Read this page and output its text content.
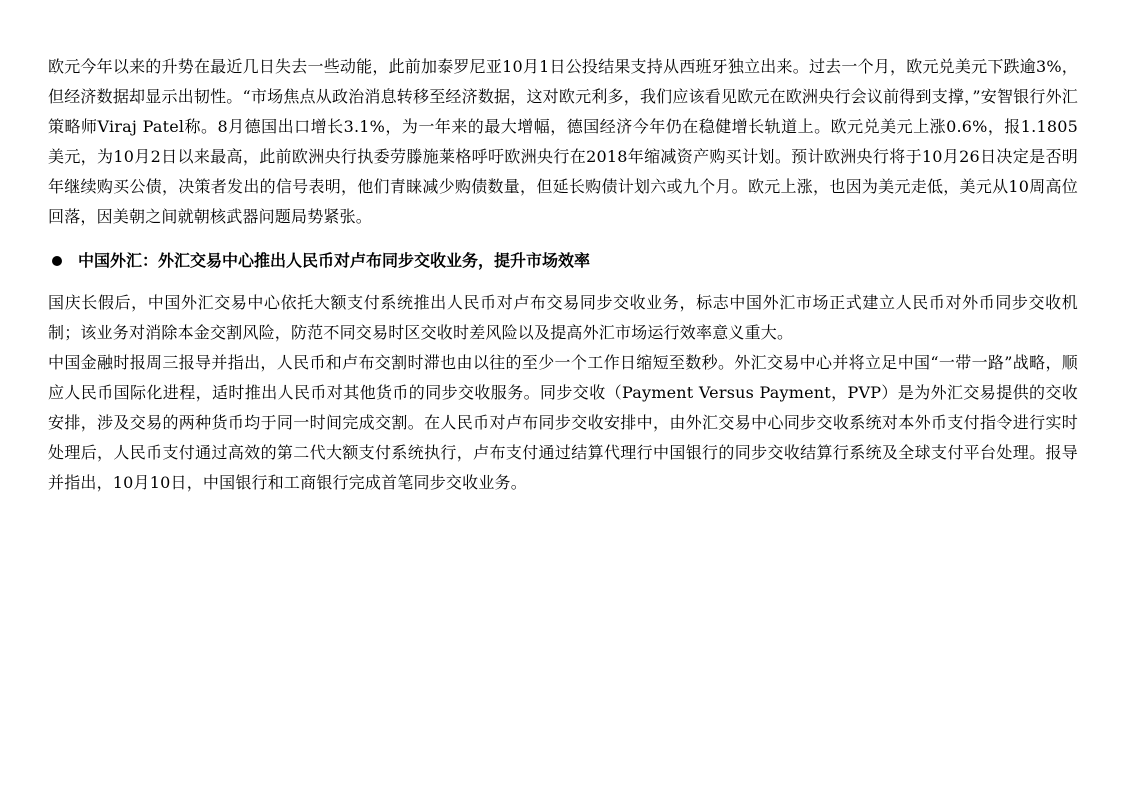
欧元今年以来的升势在最近几日失去一些动能，此前加泰罗尼亚10月1日公投结果支持从西班牙独立出来。过去一个月，欧元兑美元下跌逾3%，但经济数据却显示出韧性。“市场焦点从政治消息转移至经济数据，这对欧元利多，我们应该看见欧元在欧洲央行会议前得到支撑，”安智银行外汇策略师Viraj Patel称。8月德国出口增长3.1%，为一年来的最大增幅，德国经济今年仍在稳健增长轨道上。欧元兑美元上涨0.6%，报1.1805美元，为10月2日以来最高，此前欧洲央行执委劳滕施莱格呼吁欧洲央行在2018年缩减资产购买计划。预计欧洲央行将于10月26日决定是否明年继续购买公债，决策者发出的信号表明，他们青睐减少购债数量，但延长购债计划六或九个月。欧元上涨，也因为美元走低，美元从10周高位回落，因美朝之间就朝核武器问题局势紧张。

中国外汇：外汇交易中心推出人民币对卢布同步交收业务，提升市场效率

国庆长假后，中国外汇交易中心依托大额支付系统推出人民币对卢布交易同步交收业务，标志中国外汇市场正式建立人民币对外币同步交收机制；该业务对消除本金交割风险，防范不同交易时区交收时差风险以及提高外汇市场运行效率意义重大。

中国金融时报周三报导并指出，人民币和卢布交割时滞也由以往的至少一个工作日缩短至数秒。外汇交易中心并将立足中国“一带一路”战略，顺应人民币国际化进程，适时推出人民币对其他货币的同步交收服务。同步交收（Payment Versus Payment，PVP）是为外汇交易提供的交收安排，涉及交易的两种货币均于同一时间完成交割。在人民币对卢布同步交收安排中，由外汇交易中心同步交收系统对本外币支付指令进行实时处理后，人民币支付通过高效的第二代大额支付系统执行，卢布支付通过结算代理行中国银行的同步交收结算行系统及全球支付平台处理。报导并指出，10月10日，中国银行和工商银行完成首笔同步交收业务。
